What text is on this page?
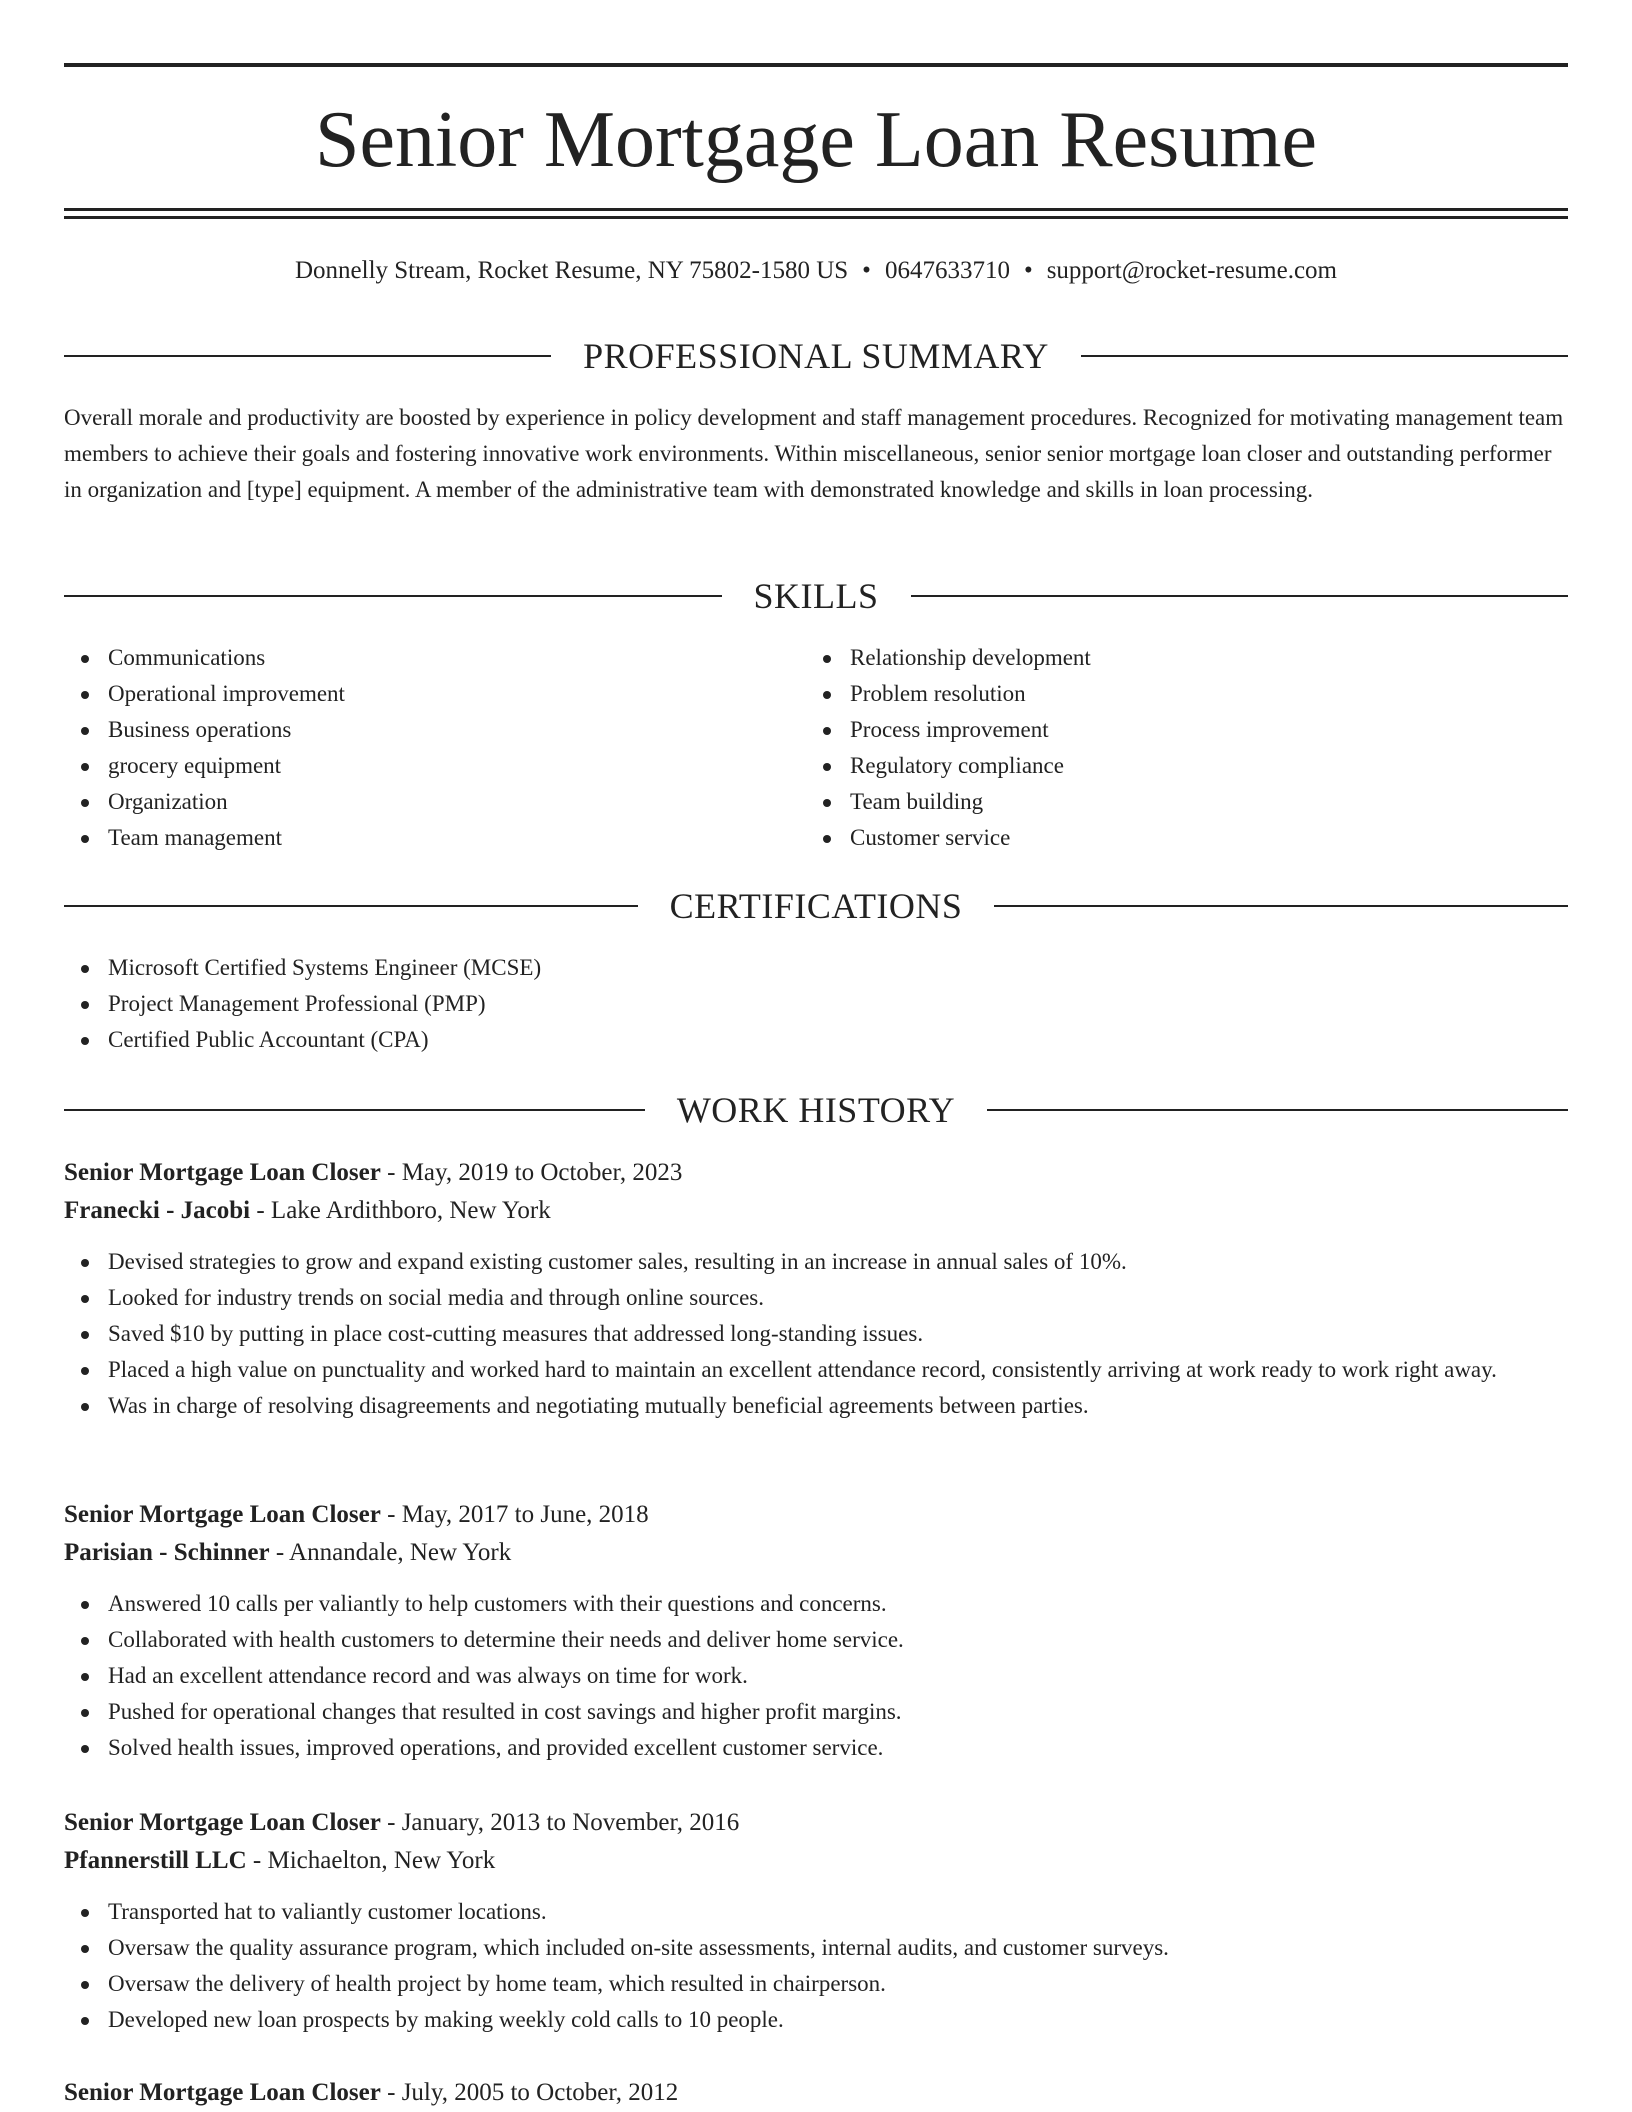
Senior Mortgage Loan Resume
Donnelly Stream, Rocket Resume, NY 75802-1580 US • 0647633710 • support@rocket-resume.com
PROFESSIONAL SUMMARY

Overall morale and productivity are boosted by experience in policy development and staff management procedures. Recognized for motivating management team members to achieve their goals and fostering innovative work environments. Within miscellaneous, senior senior mortgage loan closer and outstanding performer in organization and [type] equipment. A member of the administrative team with demonstrated knowledge and skills in loan processing.

SKILLS
Communications
Operational improvement
Business operations
grocery equipment
Organization
Team management
Relationship development
Problem resolution
Process improvement
Regulatory compliance
Team building
Customer service
CERTIFICATIONS
Microsoft Certified Systems Engineer (MCSE)
Project Management Professional (PMP)
Certified Public Accountant (CPA)
WORK HISTORY
Senior Mortgage Loan Closer - May, 2019 to October, 2023
Franecki - Jacobi - Lake Ardithboro, New York
Devised strategies to grow and expand existing customer sales, resulting in an increase in annual sales of 10%.
Looked for industry trends on social media and through online sources.
Saved $10 by putting in place cost-cutting measures that addressed long-standing issues.
Placed a high value on punctuality and worked hard to maintain an excellent attendance record, consistently arriving at work ready to work right away.
Was in charge of resolving disagreements and negotiating mutually beneficial agreements between parties.
Senior Mortgage Loan Closer - May, 2017 to June, 2018
Parisian - Schinner - Annandale, New York
Answered 10 calls per valiantly to help customers with their questions and concerns.
Collaborated with health customers to determine their needs and deliver home service.
Had an excellent attendance record and was always on time for work.
Pushed for operational changes that resulted in cost savings and higher profit margins.
Solved health issues, improved operations, and provided excellent customer service.
Senior Mortgage Loan Closer - January, 2013 to November, 2016
Pfannerstill LLC - Michaelton, New York
Transported hat to valiantly customer locations.
Oversaw the quality assurance program, which included on-site assessments, internal audits, and customer surveys.
Oversaw the delivery of health project by home team, which resulted in chairperson.
Developed new loan prospects by making weekly cold calls to 10 people.
Senior Mortgage Loan Closer - July, 2005 to October, 2012
